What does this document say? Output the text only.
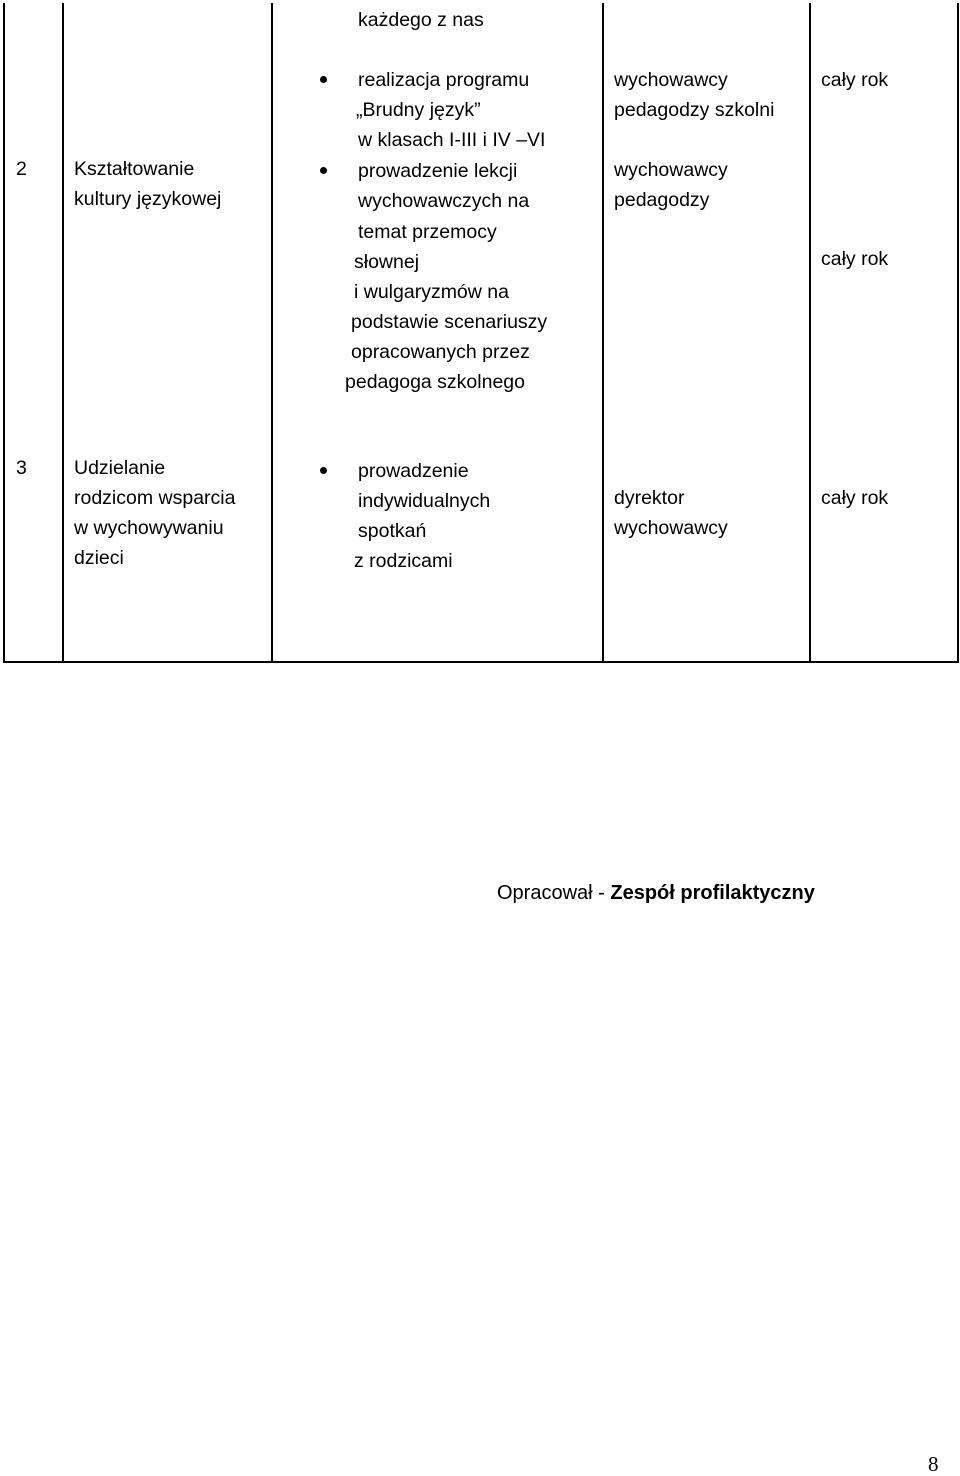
każdego z nas
2 Kształtowanie
kultury językowej
realizacja programu
„Brudny język”
w klasach I-III i IV –VI
prowadzenie lekcji
wychowawczych na
temat przemocy
słownej
i wulgaryzmów na
podstawie scenariuszy
opracowanych przez
pedagoga szkolnego
wychowawcy
pedagodzy szkolni
wychowawcy
pedagodzy
cały rok
cały rok
3 Udzielanie
rodzicom wsparcia
w wychowywaniu
dzieci
prowadzenie
indywidualnych
spotkań
z rodzicami
dyrektor
wychowawcy
cały rok
Opracował - Zespół profilaktyczny
8
